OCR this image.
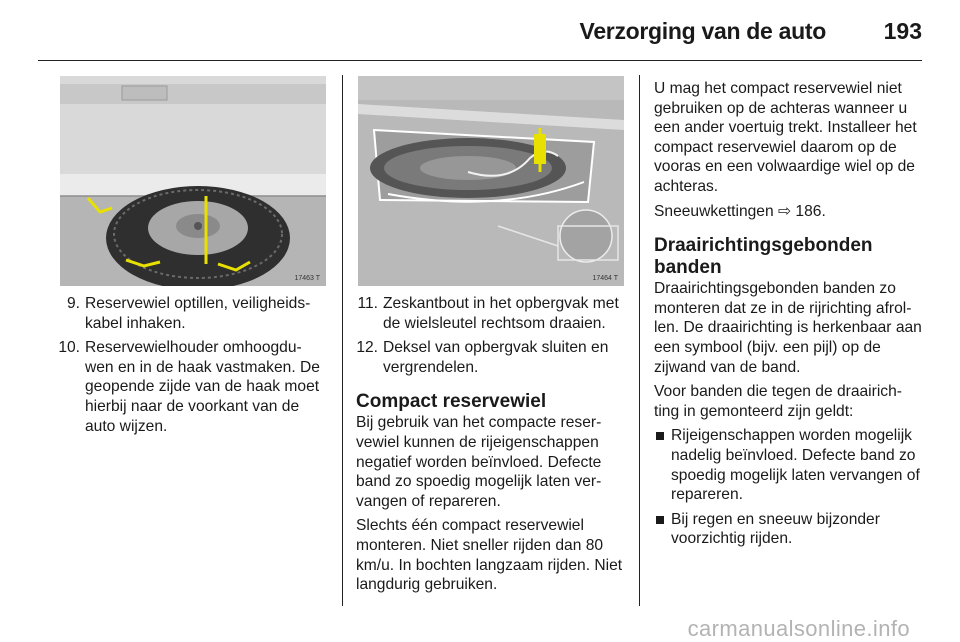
Verzorging van de auto	193
17463 T	17464 T
9. Reservewiel optillen, veiligheids-kabel inhaken.
10. Reservewielhouder omhoogdu-wen en in de haak vastmaken. De geopende zijde van de haak moet hierbij naar de voorkant van de auto wijzen.
11. Zeskantbout in het opbergvak met de wielsleutel rechtsom draaien.
12. Deksel van opbergvak sluiten en vergrendelen.
Compact reservewiel

Bij gebruik van het compacte reser-vewiel kunnen de rijeigenschappen negatief worden beïnvloed. Defecte band zo spoedig mogelijk laten ver-vangen of repareren.

Slechts één compact reservewiel monteren. Niet sneller rijden dan 80 km/u. In bochten langzaam rijden. Niet langdurig gebruiken.

U mag het compact reservewiel niet gebruiken op de achteras wanneer u een ander voertuig trekt. Installeer het compact reservewiel daarom op de vooras en een volwaardige wiel op de achteras.

Sneeuwkettingen ⇨ 186.

Draairichtingsgebonden banden

Draairichtingsgebonden banden zo monteren dat ze in de rijrichting afrol-len. De draairichting is herkenbaar aan een symbool (bijv. een pijl) op de zijwand van de band.

Voor banden die tegen de draairich-ting in gemonteerd zijn geldt:

Rijeigenschappen worden mogelijk nadelig beïnvloed. Defecte band zo spoedig mogelijk laten vervangen of repareren.
Bij regen en sneeuw bijzonder voorzichtig rijden.
carmanualsonline.info
